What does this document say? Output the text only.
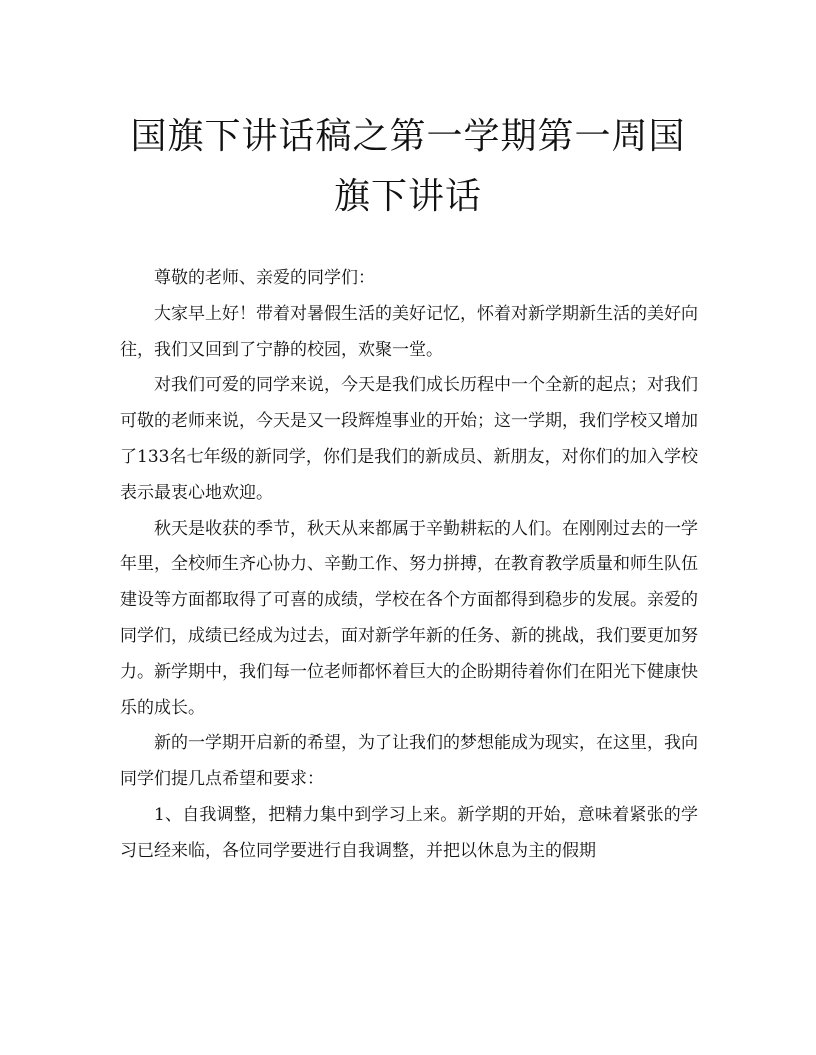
国旗下讲话稿之第一学期第一周国旗下讲话

尊敬的老师、亲爱的同学们：

大家早上好！带着对暑假生活的美好记忆，怀着对新学期新生活的美好向往，我们又回到了宁静的校园，欢聚一堂。

对我们可爱的同学来说，今天是我们成长历程中一个全新的起点；对我们可敬的老师来说，今天是又一段辉煌事业的开始；这一学期，我们学校又增加了133名七年级的新同学，你们是我们的新成员、新朋友，对你们的加入学校表示最衷心地欢迎。

秋天是收获的季节，秋天从来都属于辛勤耕耘的人们。在刚刚过去的一学年里，全校师生齐心协力、辛勤工作、努力拼搏，在教育教学质量和师生队伍建设等方面都取得了可喜的成绩，学校在各个方面都得到稳步的发展。亲爱的同学们，成绩已经成为过去，面对新学年新的任务、新的挑战，我们要更加努力。新学期中，我们每一位老师都怀着巨大的企盼期待着你们在阳光下健康快乐的成长。

新的一学期开启新的希望，为了让我们的梦想能成为现实，在这里，我向同学们提几点希望和要求：

1、自我调整，把精力集中到学习上来。新学期的开始，意味着紧张的学习已经来临，各位同学要进行自我调整，并把以休息为主的假期
